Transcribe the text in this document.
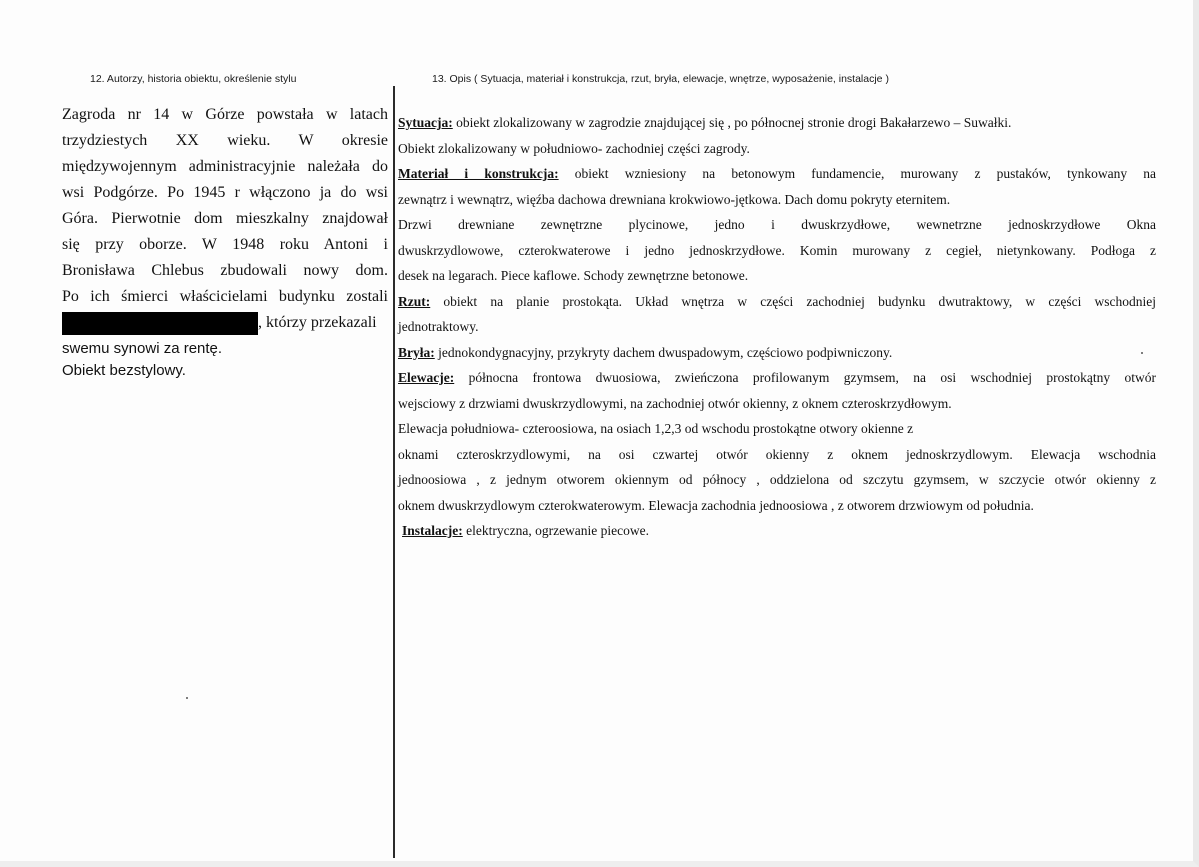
12. Autorzy, historia obiektu, określenie stylu	13. Opis ( Sytuacja, materiał i konstrukcja, rzut, bryła, elewacje, wnętrze, wyposażenie, instalacje )
Zagroda nr 14 w Górze powstała w latach
trzydziestych XX wieku. W okresie
międzywojennym administracyjnie należała do
wsi Podgórze. Po 1945 r włączono ja do wsi
Góra. Pierwotnie dom mieszkalny znajdował
się przy oborze. W 1948 roku Antoni i
Bronisława Chlebus zbudowali nowy dom.
Po ich śmierci właścicielami budynku zostali
, którzy przekazali
swemu synowi za rentę.
Obiekt bezstylowy.
Sytuacja: obiekt zlokalizowany w zagrodzie znajdującej się , po północnej stronie drogi Bakałarzewo – Suwałki.
Obiekt zlokalizowany w południowo- zachodniej części zagrody.
Materiał i konstrukcja: obiekt wzniesiony na betonowym fundamencie, murowany z pustaków, tynkowany na
zewnątrz i wewnątrz, więźba dachowa drewniana krokwiowo-jętkowa. Dach domu pokryty eternitem.
Drzwi drewniane zewnętrzne plycinowe, jedno i dwuskrzydłowe, wewnetrzne jednoskrzydłowe Okna
dwuskrzydlowowe, czterokwaterowe i jedno jednoskrzydłowe. Komin murowany z cegieł, nietynkowany. Podłoga z
desek na legarach. Piece kaflowe. Schody zewnętrzne betonowe.
Rzut: obiekt na planie prostokąta. Układ wnętrza w części zachodniej budynku dwutraktowy, w części wschodniej
jednotraktowy.
Bryła: jednokondygnacyjny, przykryty dachem dwuspadowym, częściowo podpiwniczony.
Elewacje: północna frontowa dwuosiowa, zwieńczona profilowanym gzymsem, na osi wschodniej prostokątny otwór
wejsciowy z drzwiami dwuskrzydlowymi, na zachodniej otwór okienny, z oknem czteroskrzydłowym.
Elewacja południowa- czteroosiowa, na osiach 1,2,3 od wschodu prostokątne otwory okienne z
oknami czteroskrzydlowymi, na osi czwartej otwór okienny z oknem jednoskrzydlowym. Elewacja wschodnia
jednoosiowa , z jednym otworem okiennym od północy , oddzielona od szczytu gzymsem, w szczycie otwór okienny z
oknem dwuskrzydlowym czterokwaterowym. Elewacja zachodnia jednoosiowa , z otworem drzwiowym od południa.
Instalacje: elektryczna, ogrzewanie piecowe.
